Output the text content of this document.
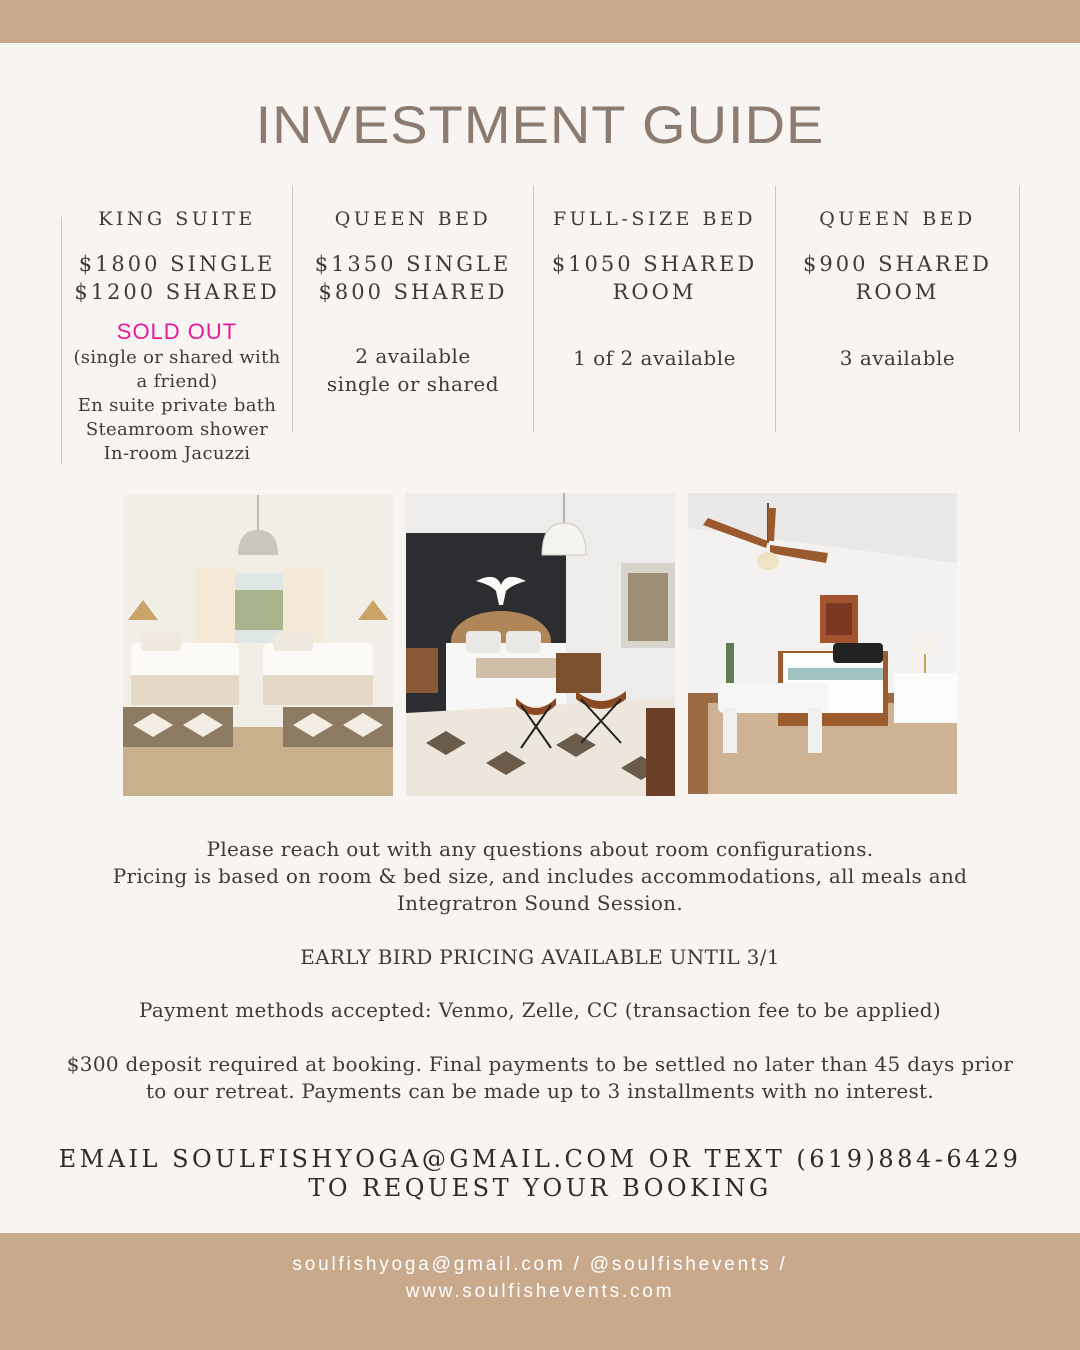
INVESTMENT GUIDE
KING SUITE
$1800 SINGLE
$1200 SHARED
SOLD OUT
(single or shared with
a friend)
En suite private bath
Steamroom shower
In-room Jacuzzi
QUEEN BED
$1350 SINGLE
$800 SHARED
2 available
single or shared
FULL-SIZE BED
$1050 SHARED
ROOM
1 of 2 available
QUEEN BED
$900 SHARED
ROOM
3 available
Please reach out with any questions about room configurations.
Pricing is based on room & bed size, and includes accommodations, all meals and
Integratron Sound Session.
EARLY BIRD PRICING AVAILABLE UNTIL 3/1
Payment methods accepted: Venmo, Zelle, CC (transaction fee to be applied)
$300 deposit required at booking. Final payments to be settled no later than 45 days prior
to our retreat. Payments can be made up to 3 installments with no interest.
EMAIL SOULFISHYOGA@GMAIL.COM OR TEXT (619)884-6429
TO REQUEST YOUR BOOKING
soulfishyoga@gmail.com / @soulfishevents /
www.soulfishevents.com
